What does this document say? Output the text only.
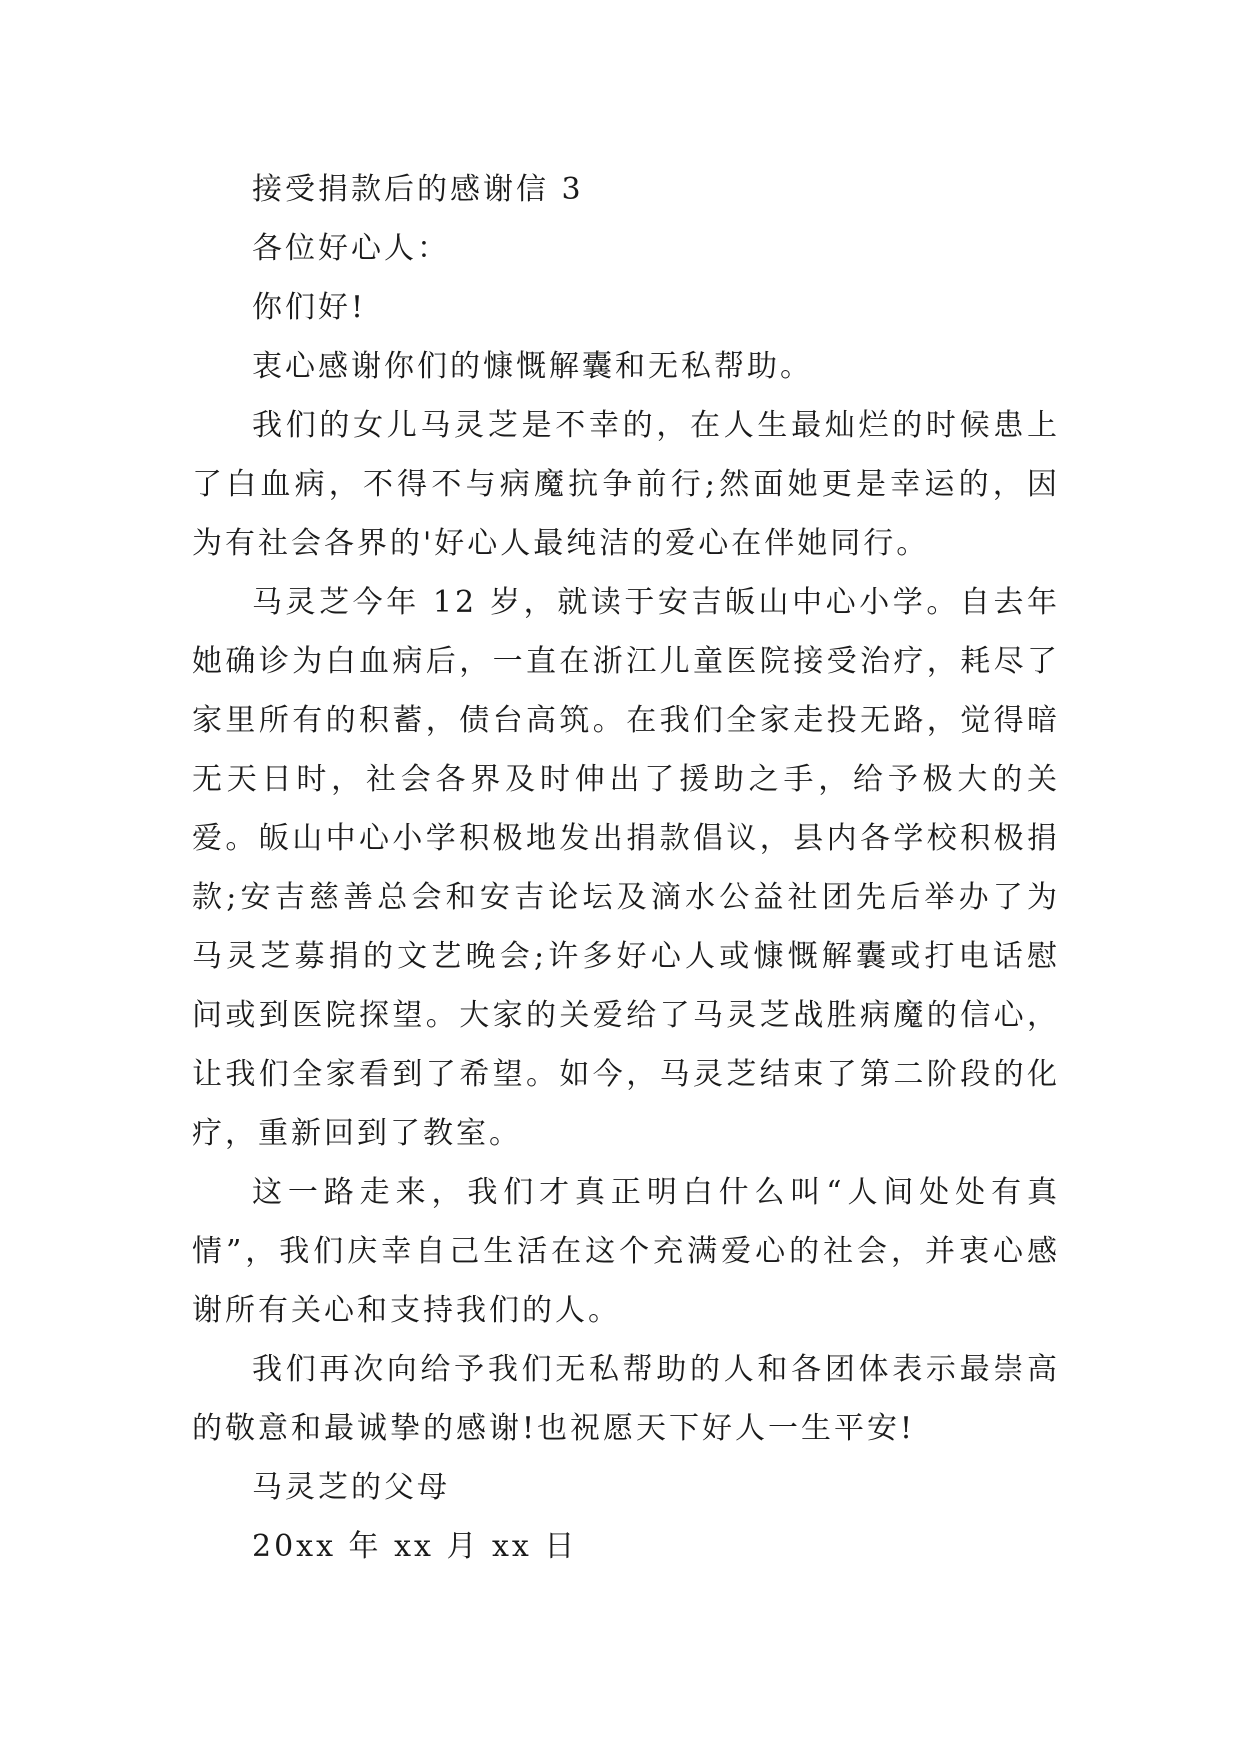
接受捐款后的感谢信 3

各位好心人：

你们好!

衷心感谢你们的慷慨解囊和无私帮助。

我们的女儿马灵芝是不幸的，在人生最灿烂的时候患上了白血病，不得不与病魔抗争前行;然面她更是幸运的，因为有社会各界的'好心人最纯洁的爱心在伴她同行。

马灵芝今年 12 岁，就读于安吉皈山中心小学。自去年她确诊为白血病后，一直在浙江儿童医院接受治疗，耗尽了家里所有的积蓄，债台高筑。在我们全家走投无路，觉得暗无天日时，社会各界及时伸出了援助之手，给予极大的关爱。皈山中心小学积极地发出捐款倡议，县内各学校积极捐款;安吉慈善总会和安吉论坛及滴水公益社团先后举办了为马灵芝募捐的文艺晚会;许多好心人或慷慨解囊或打电话慰问或到医院探望。大家的关爱给了马灵芝战胜病魔的信心，让我们全家看到了希望。如今，马灵芝结束了第二阶段的化疗，重新回到了教室。

这一路走来，我们才真正明白什么叫“人间处处有真情”，我们庆幸自己生活在这个充满爱心的社会，并衷心感谢所有关心和支持我们的人。

我们再次向给予我们无私帮助的人和各团体表示最崇高的敬意和最诚挚的感谢!也祝愿天下好人一生平安!

马灵芝的父母

20xx 年 xx 月 xx 日
